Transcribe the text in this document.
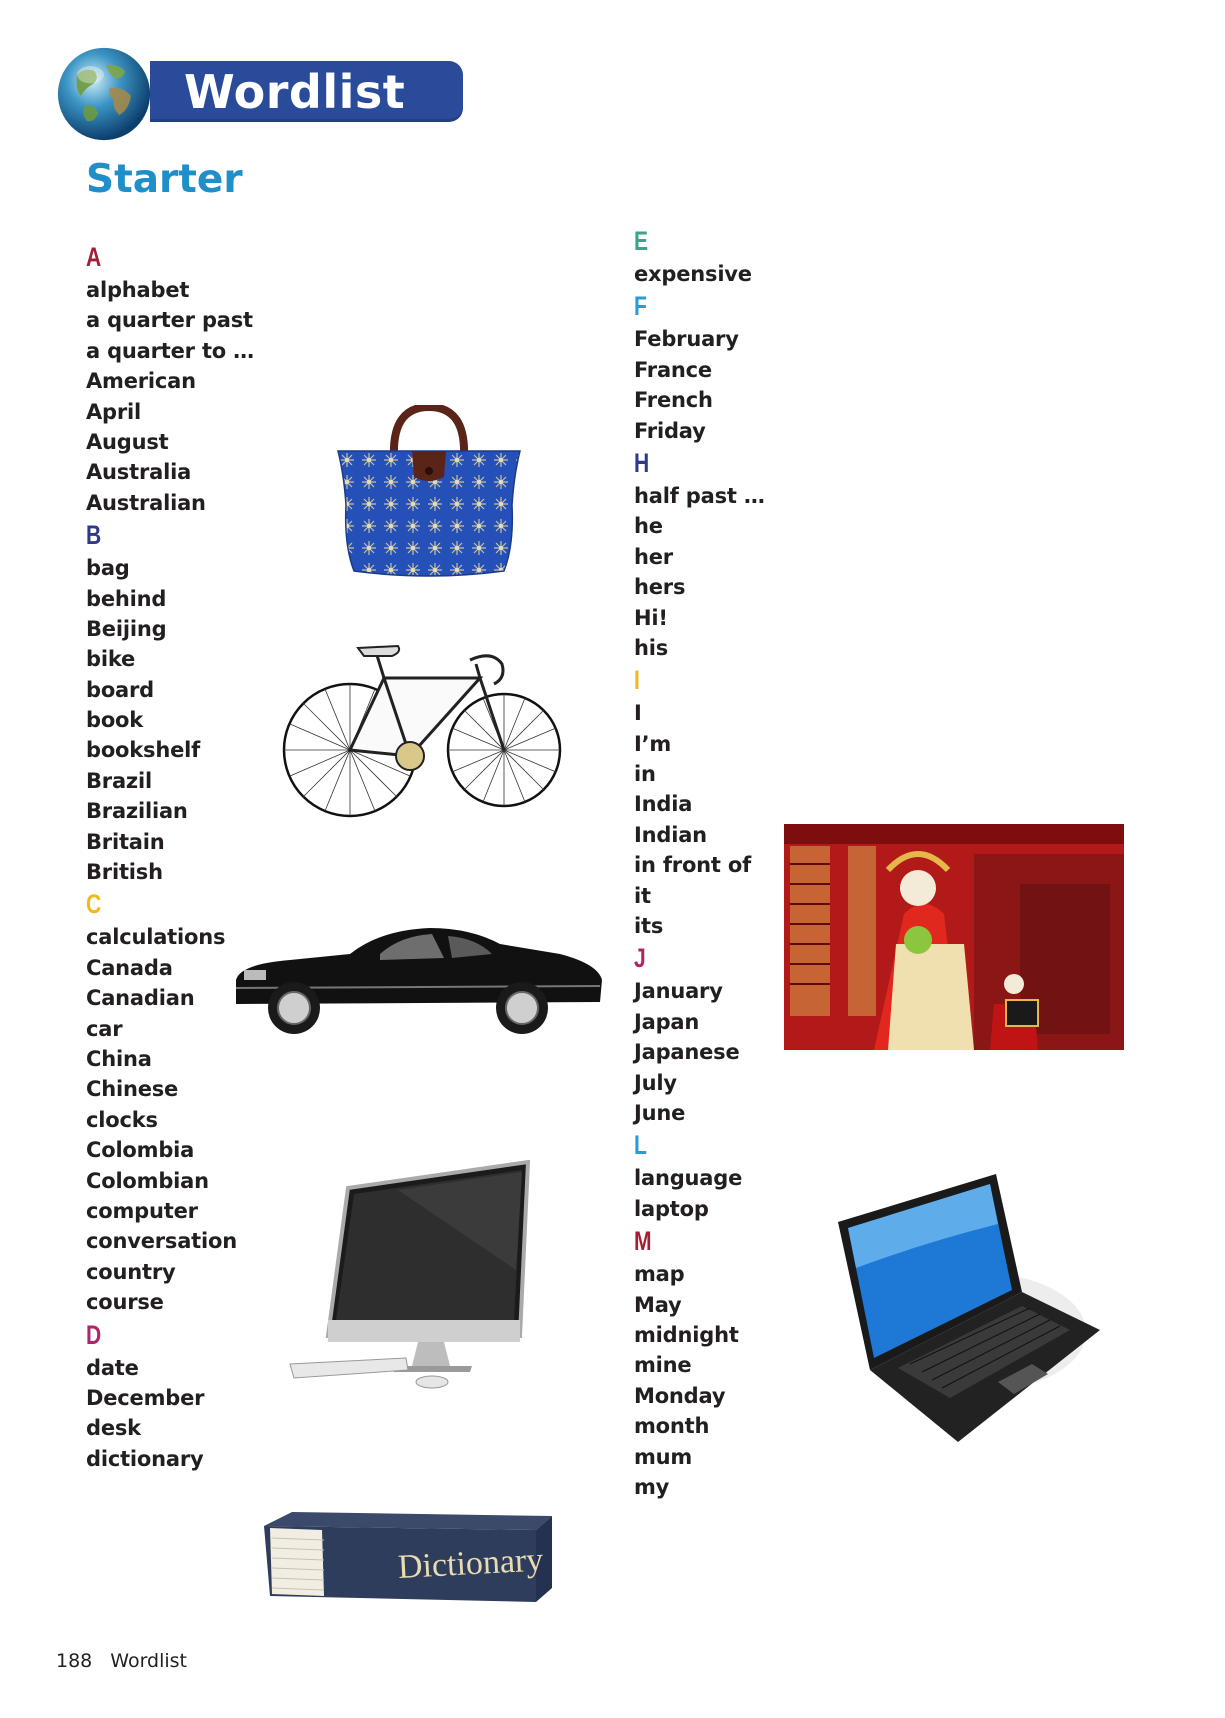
Wordlist
Starter
A
alphabet
a quarter past
a quarter to …
American
April
August
Australia
Australian
B
bag
behind
Beijing
bike
board
book
bookshelf
Brazil
Brazilian
Britain
British
C
calculations
Canada
Canadian
car
China
Chinese
clocks
Colombia
Colombian
computer
conversation
country
course
D
date
December
desk
dictionary
E
expensive
F
February
France
French
Friday
H
half past …
he
her
hers
Hi!
his
I
I
I’m
in
India
Indian
in front of
it
its
J
January
Japan
Japanese
July
June
L
language
laptop
M
map
May
midnight
mine
Monday
month
mum
my
Dictionary
188 Wordlist
